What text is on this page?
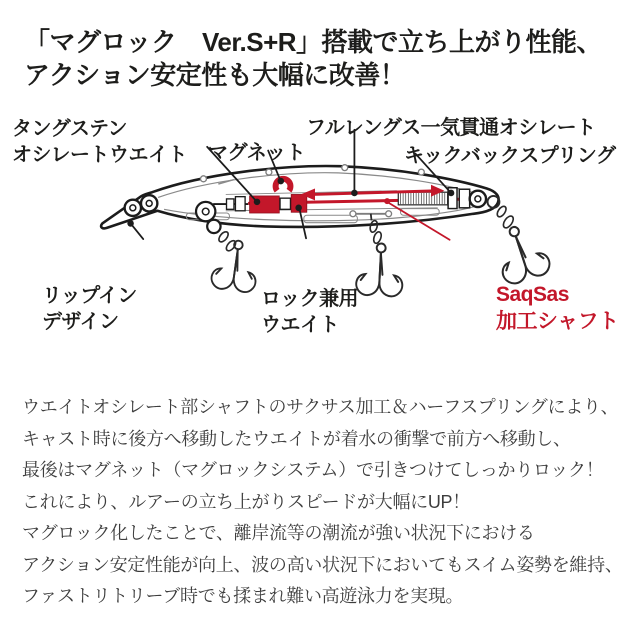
「マグロック　Ver.S+R」搭載で立ち上がり性能、
アクション安定性も大幅に改善！
タングステン
オシレートウエイト マグネット
フルレングス一気貫通オシレート
キックバックスプリング
リップイン
デザイン
ロック兼用
ウエイト
SaqSas
加工シャフト
ウエイトオシレート部シャフトのサクサス加工＆ハーフスプリングにより、
キャスト時に後方へ移動したウエイトが着水の衝撃で前方へ移動し、
最後はマグネット（マグロックシステム）で引きつけてしっかりロック！
これにより、ルアーの立ち上がりスピードが大幅にUP！
マグロック化したことで、離岸流等の潮流が強い状況下における
アクション安定性能が向上、波の高い状況下においてもスイム姿勢を維持、
ファストリトリーブ時でも揉まれ難い高遊泳力を実現。
